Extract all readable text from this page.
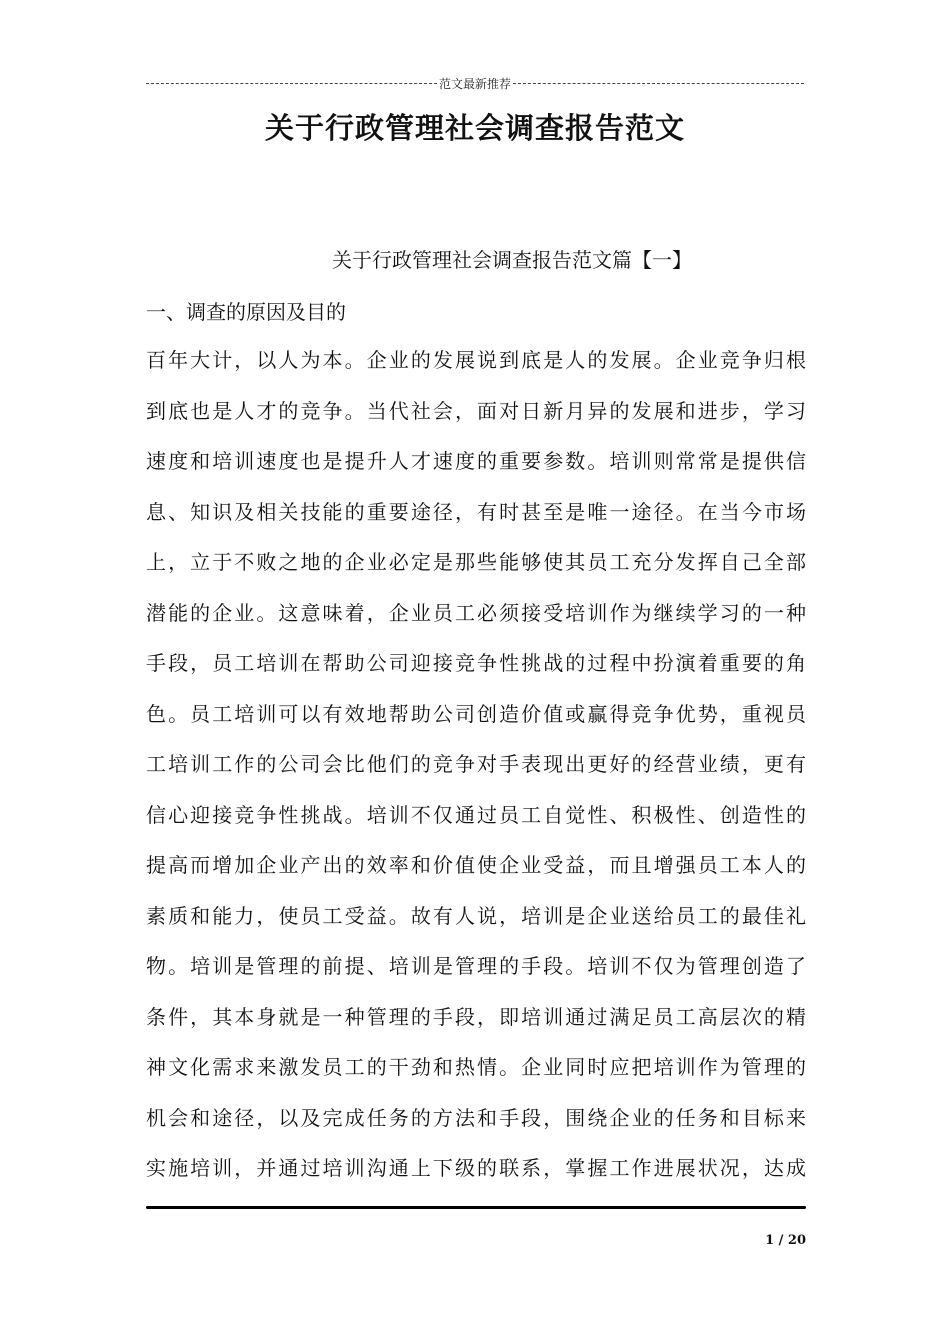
范文最新推荐
关于行政管理社会调查报告范文
关于行政管理社会调查报告范文篇【一】
一、调查的原因及目的
百年大计，以人为本。企业的发展说到底是人的发展。企业竞争归根
到底也是人才的竞争。当代社会，面对日新月异的发展和进步，学习
速度和培训速度也是提升人才速度的重要参数。培训则常常是提供信
息、知识及相关技能的重要途径，有时甚至是唯一途径。在当今市场
上，立于不败之地的企业必定是那些能够使其员工充分发挥自己全部
潜能的企业。这意味着，企业员工必须接受培训作为继续学习的一种
手段，员工培训在帮助公司迎接竞争性挑战的过程中扮演着重要的角
色。员工培训可以有效地帮助公司创造价值或赢得竞争优势，重视员
工培训工作的公司会比他们的竞争对手表现出更好的经营业绩，更有
信心迎接竞争性挑战。培训不仅通过员工自觉性、积极性、创造性的
提高而增加企业产出的效率和价值使企业受益，而且增强员工本人的
素质和能力，使员工受益。故有人说，培训是企业送给员工的最佳礼
物。培训是管理的前提、培训是管理的手段。培训不仅为管理创造了
条件，其本身就是一种管理的手段，即培训通过满足员工高层次的精
神文化需求来激发员工的干劲和热情。企业同时应把培训作为管理的
机会和途径，以及完成任务的方法和手段，围绕企业的任务和目标来
实施培训，并通过培训沟通上下级的联系，掌握工作进展状况，达成
1 / 20
